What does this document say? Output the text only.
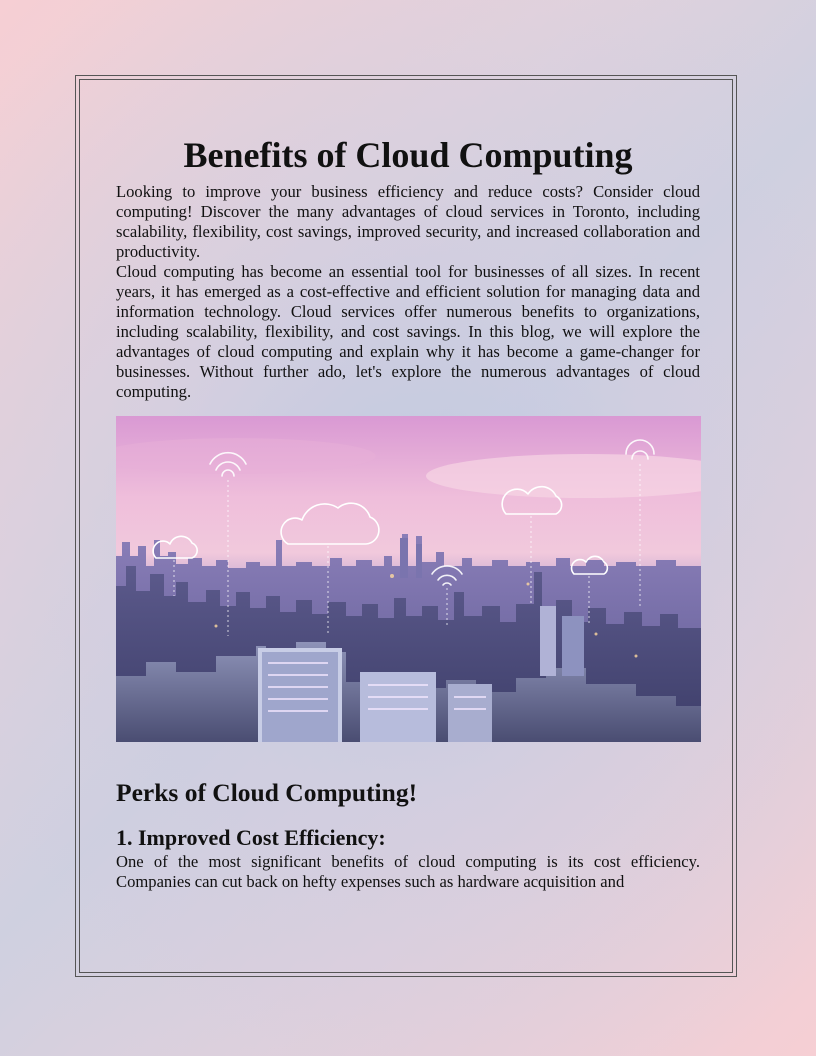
Benefits of Cloud Computing

Looking to improve your business efficiency and reduce costs? Consider cloud computing! Discover the many advantages of cloud services in Toronto, including scalability, flexibility, cost savings, improved security, and increased collaboration and productivity.

Cloud computing has become an essential tool for businesses of all sizes. In recent years, it has emerged as a cost-effective and efficient solution for managing data and information technology. Cloud services offer numerous benefits to organizations, including scalability, flexibility, and cost savings. In this blog, we will explore the advantages of cloud computing and explain why it has become a game-changer for businesses. Without further ado, let's explore the numerous advantages of cloud computing.

Perks of Cloud Computing!
1. Improved Cost Efficiency:

One of the most significant benefits of cloud computing is its cost efficiency. Companies can cut back on hefty expenses such as hardware acquisition and
